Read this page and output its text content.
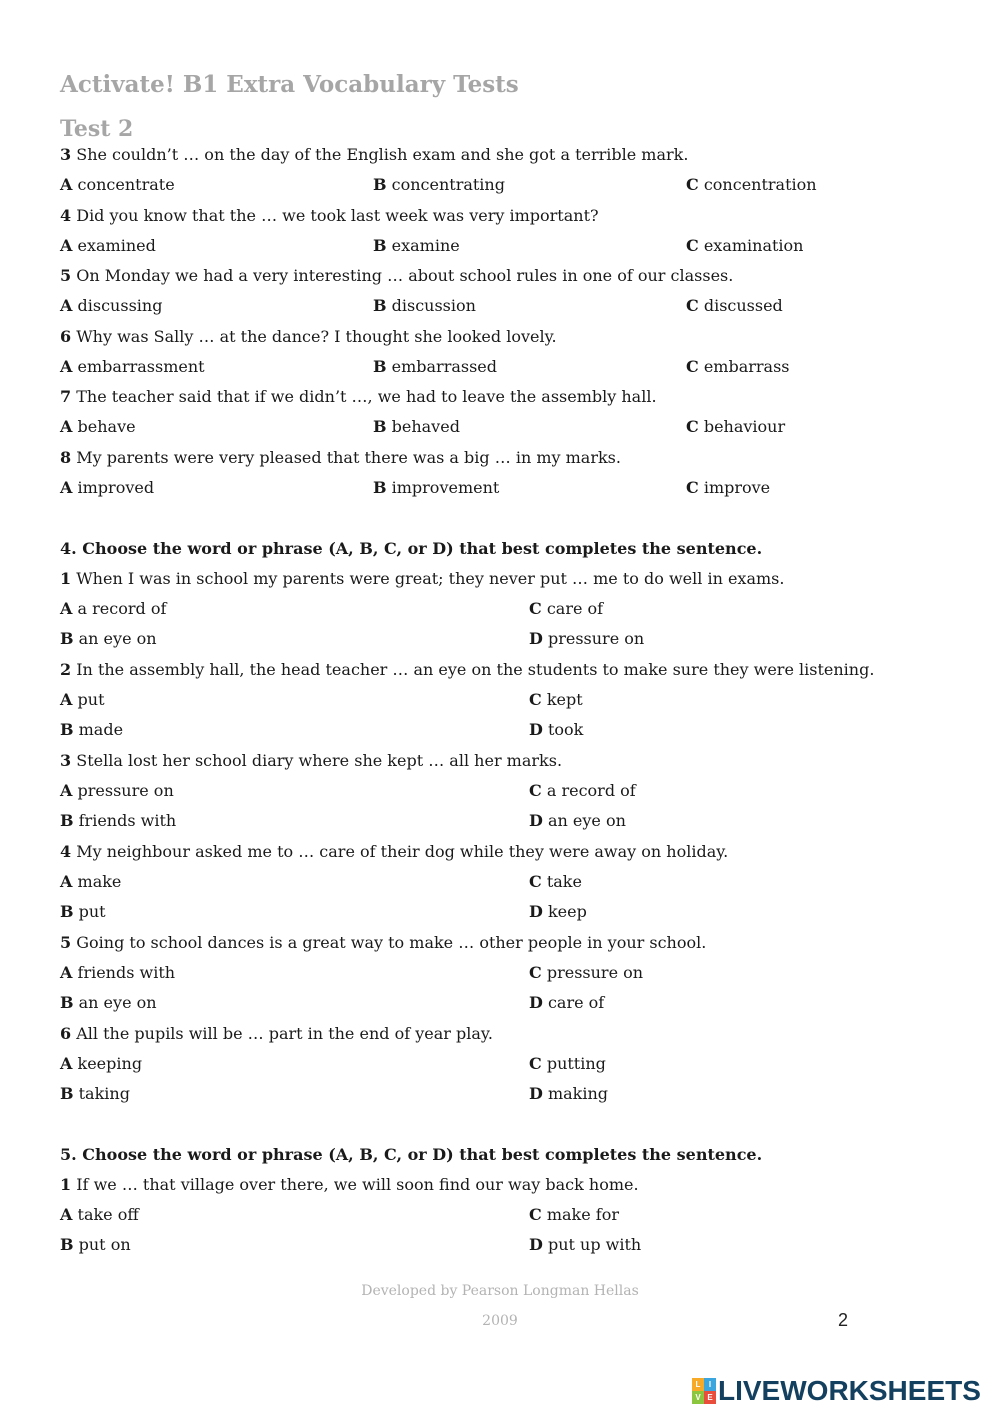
Activate! B1 Extra Vocabulary Tests
Test 2
4. Choose the word or phrase (A, B, C, or D) that best completes the sentence.
5. Choose the word or phrase (A, B, C, or D) that best completes the sentence.
Developed by Pearson Longman Hellas
2009	2
L	I
V E LIVEWORKSHEETS
3 She couldn’t … on the day of the English exam and she got a terrible mark.
A concentrate	B concentrating	C concentration
4 Did you know that the … we took last week was very important?
A examined	B examine	C examination
5 On Monday we had a very interesting … about school rules in one of our classes.
A discussing	B discussion	C discussed
6 Why was Sally … at the dance? I thought she looked lovely.
A embarrassment	B embarrassed	C embarrass
7 The teacher said that if we didn’t …, we had to leave the assembly hall.
A behave	B behaved	C behaviour
8 My parents were very pleased that there was a big … in my marks.
A improved	B improvement	C improve
1 When I was in school my parents were great; they never put … me to do well in exams.
A a record of	C care of
B an eye on	D pressure on
2 In the assembly hall, the head teacher … an eye on the students to make sure they were listening.
A put	C kept
B made	D took
3 Stella lost her school diary where she kept … all her marks.
A pressure on	C a record of
B friends with	D an eye on
4 My neighbour asked me to … care of their dog while they were away on holiday.
A make	C take
B put	D keep
5 Going to school dances is a great way to make … other people in your school.
A friends with	C pressure on
B an eye on	D care of
6 All the pupils will be … part in the end of year play.
A keeping	C putting
B taking	D making
1 If we … that village over there, we will soon find our way back home.
A take off	C make for
B put on	D put up with
